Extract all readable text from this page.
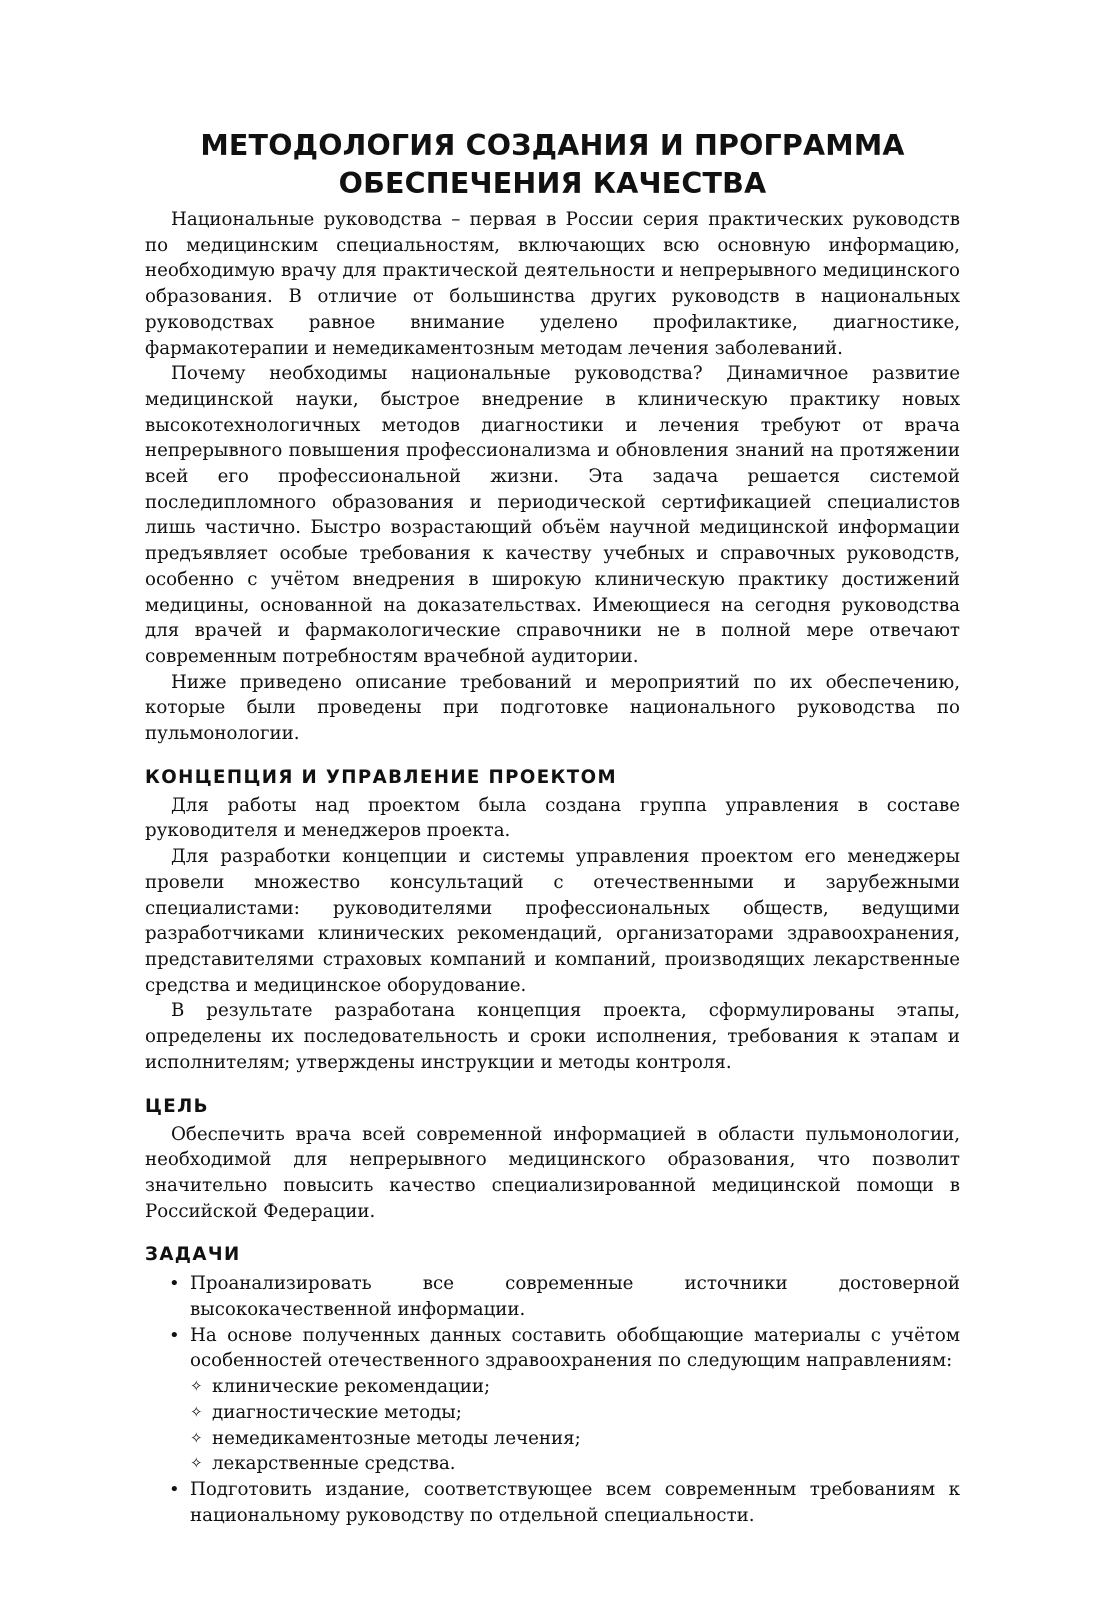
МЕТОДОЛОГИЯ СОЗДАНИЯ И ПРОГРАММА
ОБЕСПЕЧЕНИЯ КАЧЕСТВА

Национальные руководства – первая в России серия практических руководств по медицинским специальностям, включающих всю основную информацию, необходимую врачу для практической деятельности и непрерывного медицинского образования. В отличие от большинства других руководств в национальных руководствах равное внимание уделено профилактике, диагностике, фармакотерапии и немедикаментозным методам лечения заболеваний.

Почему необходимы национальные руководства? Динамичное развитие медицинской науки, быстрое внедрение в клиническую практику новых высокотехнологичных методов диагностики и лечения требуют от врача непрерывного повышения профессионализма и обновления знаний на протяжении всей его профессиональной жизни. Эта задача решается системой последипломного образования и периодической сертификацией специалистов лишь частично. Быстро возрастающий объём научной медицинской информации предъявляет особые требования к качеству учебных и справочных руководств, особенно с учётом внедрения в широкую клиническую практику достижений медицины, основанной на доказательствах. Имеющиеся на сегодня руководства для врачей и фармакологические справочники не в полной мере отвечают современным потребностям врачебной аудитории.

Ниже приведено описание требований и мероприятий по их обеспечению, которые были проведены при подготовке национального руководства по пульмонологии.

КОНЦЕПЦИЯ И УПРАВЛЕНИЕ ПРОЕКТОМ

Для работы над проектом была создана группа управления в составе руководителя и менеджеров проекта.

Для разработки концепции и системы управления проектом его менеджеры провели множество консультаций с отечественными и зарубежными специалистами: руководителями профессиональных обществ, ведущими разработчиками клинических рекомендаций, организаторами здравоохранения, представителями страховых компаний и компаний, производящих лекарственные средства и медицинское оборудование.

В результате разработана концепция проекта, сформулированы этапы, определены их последовательность и сроки исполнения, требования к этапам и исполнителям; утверждены инструкции и методы контроля.

ЦЕЛЬ

Обеспечить врача всей современной информацией в области пульмонологии, необходимой для непрерывного медицинского образования, что позволит значительно повысить качество специализированной медицинской помощи в Российской Федерации.

ЗАДАЧИ
• Проанализировать все современные источники достоверной высококачественной информации.
• На основе полученных данных составить обобщающие материалы с учётом особенностей отечественного здравоохранения по следующим направлениям:
✧ клинические рекомендации;
✧ диагностические методы;
✧ немедикаментозные методы лечения;
✧ лекарственные средства.
• Подготовить издание, соответствующее всем современным требованиям к национальному руководству по отдельной специальности.
